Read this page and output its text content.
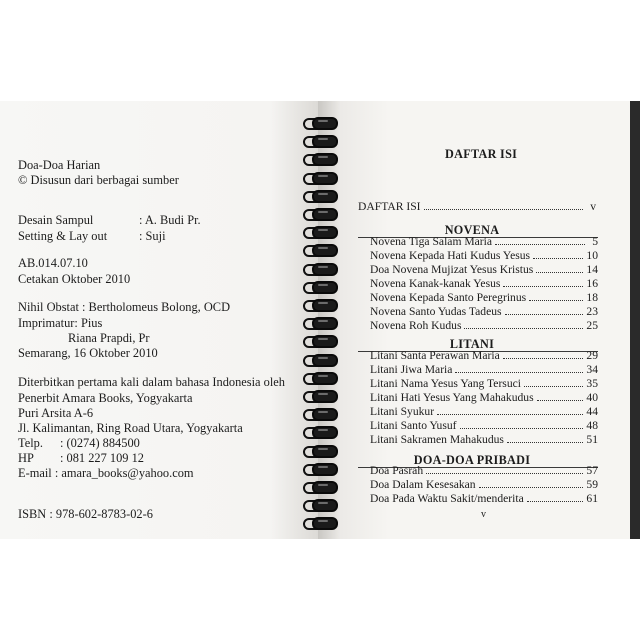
Doa-Doa Harian
© Disusun dari berbagai sumber
Desain Sampul	: A. Budi Pr.
Setting & Lay out	: Suji
AB.014.07.10
Cetakan Oktober 2010
Nihil Obstat : Bertholomeus Bolong, OCD
Imprimatur: Pius
Riana Prapdi, Pr
Semarang, 16 Oktober 2010
Diterbitkan pertama kali dalam bahasa Indonesia oleh
Penerbit Amara Books, Yogyakarta
Puri Arsita A-6
Jl. Kalimantan, Ring Road Utara, Yogyakarta
Telp. : (0274) 884500
HP : 081 227 109 12
E-mail : amara_books@yahoo.com
ISBN : 978-602-8783-02-6
DAFTAR ISI
DAFTAR ISI	v
NOVENA
Novena Tiga Salam Maria	5
Novena Kepada Hati Kudus Yesus	10
Doa Novena Mujizat Yesus Kristus	14
Novena Kanak-kanak Yesus	16
Novena Kepada Santo Peregrinus	18
Novena Santo Yudas Tadeus	23
Novena Roh Kudus	25
LITANI
Litani Santa Perawan Maria	29
Litani Jiwa Maria	34
Litani Nama Yesus Yang Tersuci	35
Litani Hati Yesus Yang Mahakudus	40
Litani Syukur	44
Litani Santo Yusuf	48
Litani Sakramen Mahakudus	51
DOA-DOA PRIBADI
Doa Pasrah	57
Doa Dalam Kesesakan	59
Doa Pada Waktu Sakit/menderita	61
v
